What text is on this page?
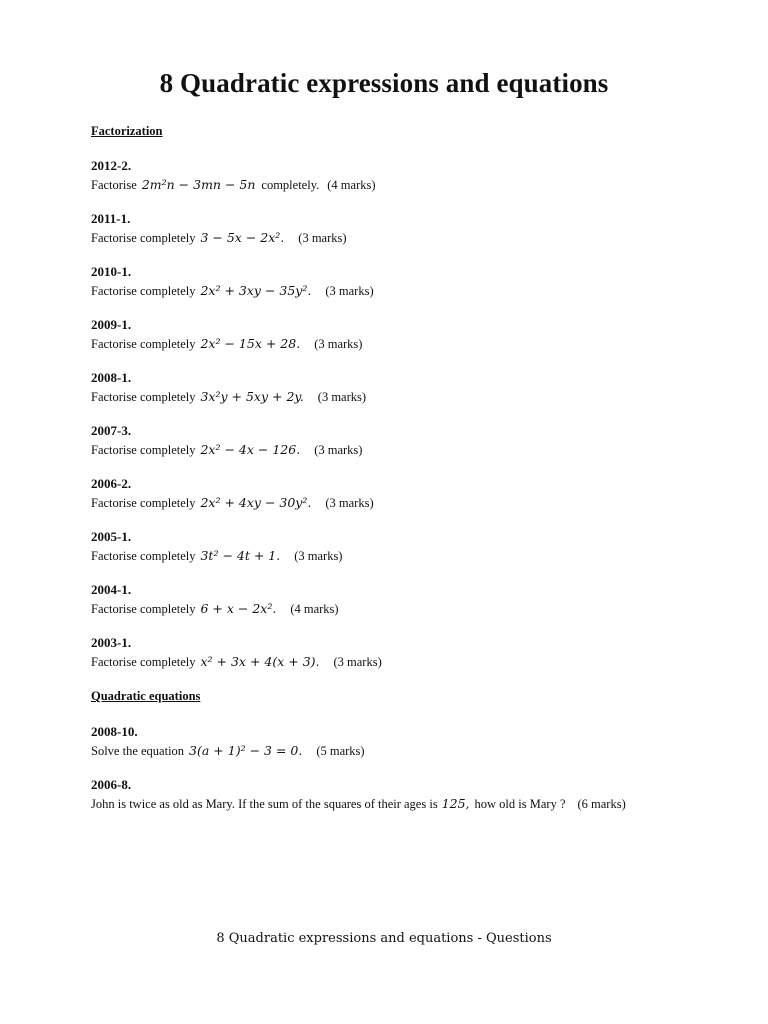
8 Quadratic expressions and equations
Factorization
2012-2.
Factorise 2m²n − 3mn − 5n completely. (4 marks)
2011-1.
Factorise completely 3 − 5x − 2x². (3 marks)
2010-1.
Factorise completely 2x² + 3xy − 35y². (3 marks)
2009-1.
Factorise completely 2x² − 15x + 28. (3 marks)
2008-1.
Factorise completely 3x²y + 5xy + 2y. (3 marks)
2007-3.
Factorise completely 2x² − 4x − 126. (3 marks)
2006-2.
Factorise completely 2x² + 4xy − 30y². (3 marks)
2005-1.
Factorise completely 3t² − 4t + 1. (3 marks)
2004-1.
Factorise completely 6 + x − 2x². (4 marks)
2003-1.
Factorise completely x² + 3x + 4(x + 3). (3 marks)
Quadratic equations
2008-10.
Solve the equation 3(a + 1)² − 3 = 0. (5 marks)
2006-8.
John is twice as old as Mary. If the sum of the squares of their ages is 125, how old is Mary ? (6 marks)
8 Quadratic expressions and equations - Questions
